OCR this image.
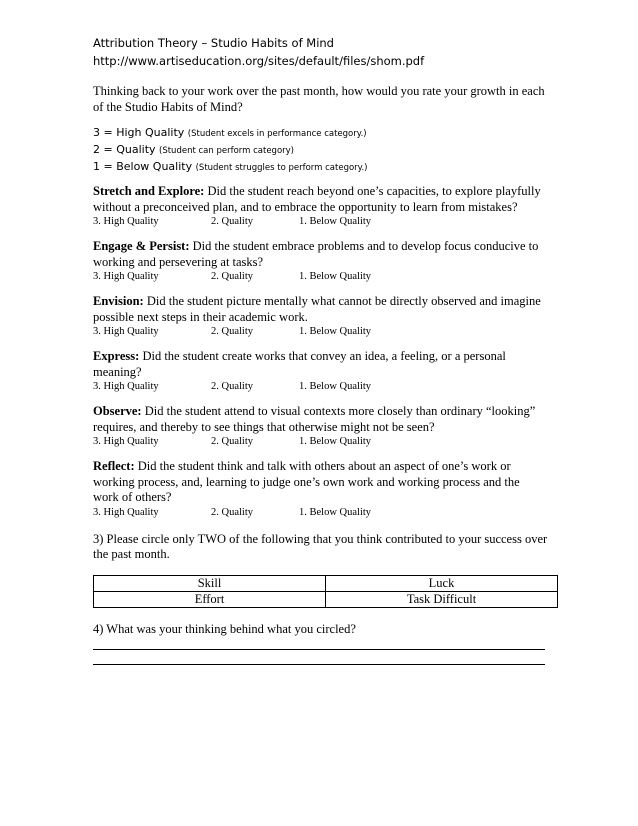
Attribution Theory – Studio Habits of Mind

http://www.artiseducation.org/sites/default/files/shom.pdf

Thinking back to your work over the past month, how would you rate your growth in each of the Studio Habits of Mind?

3 = High Quality (Student excels in performance category.)
2 = Quality (Student can perform category)
1 = Below Quality (Student struggles to perform category.)

Stretch and Explore: Did the student reach beyond one’s capacities, to explore playfully without a preconceived plan, and to embrace the opportunity to learn from mistakes?

3. High Quality	2. Quality	1. Below Quality

Engage & Persist: Did the student embrace problems and to develop focus conducive to working and persevering at tasks?

3. High Quality	2. Quality	1. Below Quality

Envision: Did the student picture mentally what cannot be directly observed and imagine possible next steps in their academic work.

3. High Quality	2. Quality	1. Below Quality

Express: Did the student create works that convey an idea, a feeling, or a personal meaning?

3. High Quality	2. Quality	1. Below Quality

Observe: Did the student attend to visual contexts more closely than ordinary “looking” requires, and thereby to see things that otherwise might not be seen?

3. High Quality	2. Quality	1. Below Quality

Reflect: Did the student think and talk with others about an aspect of one’s work or working process, and, learning to judge one’s own work and working process and the work of others?

3. High Quality	2. Quality	1. Below Quality

3) Please circle only TWO of the following that you think contributed to your success over the past month.

Skill	Luck
Effort	Task Difficult

4) What was your thinking behind what you circled?
